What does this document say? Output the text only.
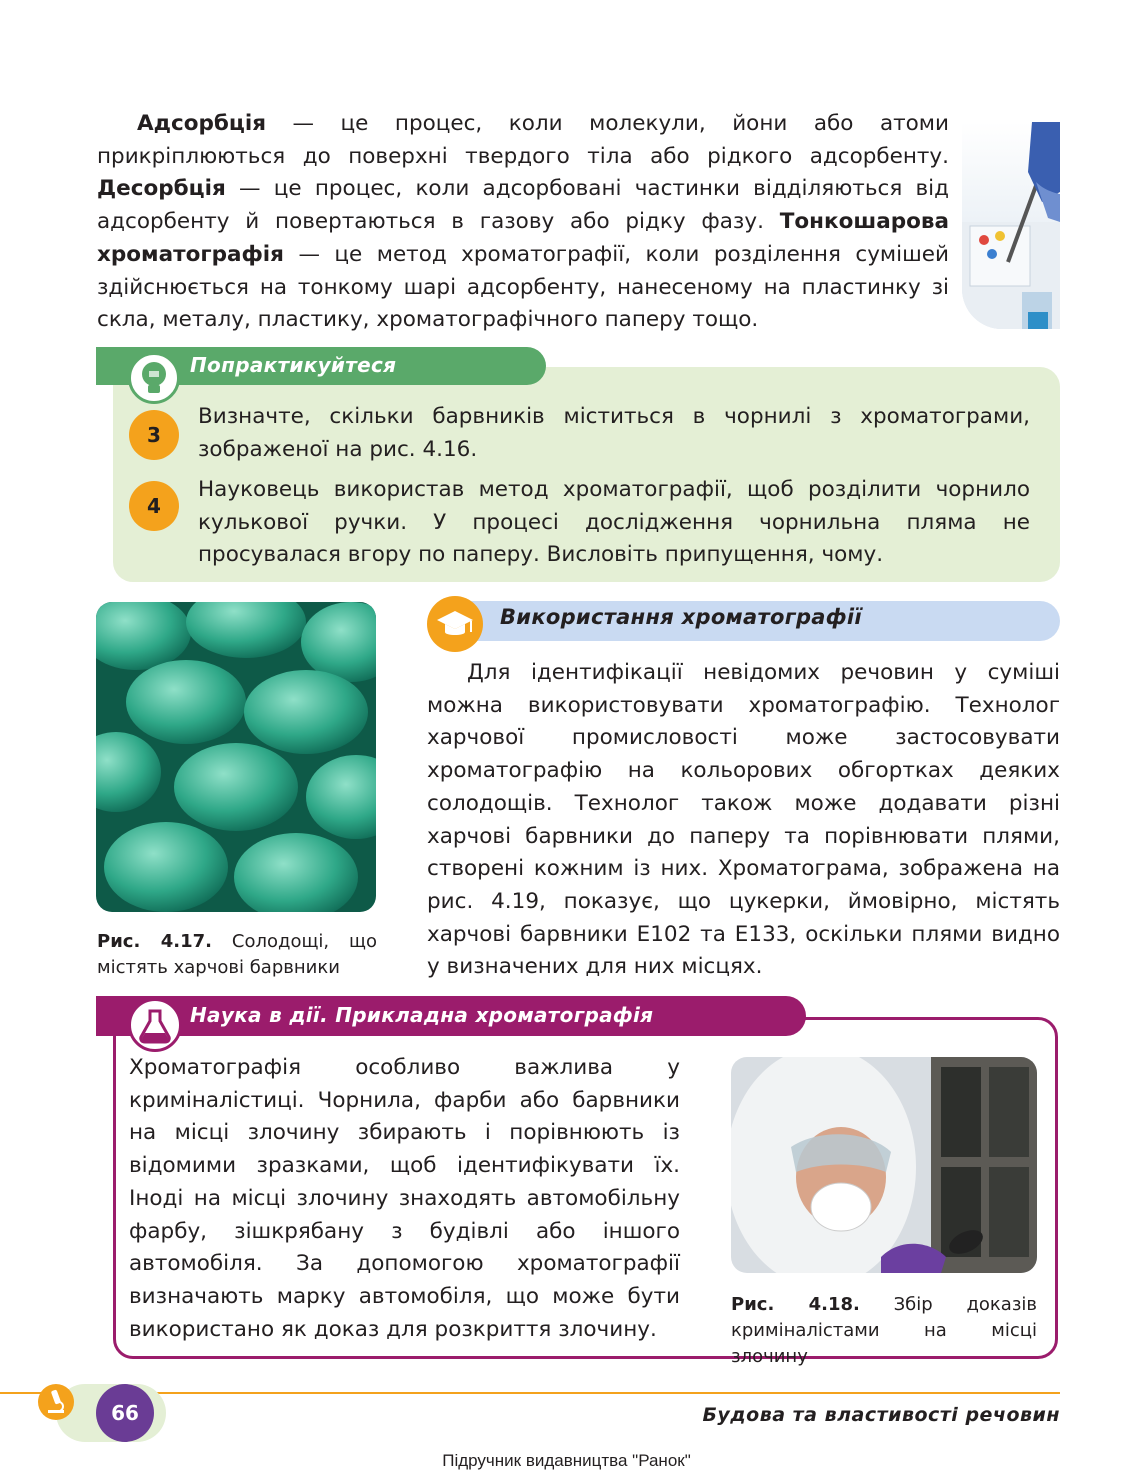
Адсорбція — це процес, коли молекули, йони або атоми прикріплюються до поверхні твердого тіла або рідкого адсорбенту. Десорбція — це процес, коли адсорбовані частинки відділяються від адсорбенту й повертаються в газову або рідку фазу. Тонкошарова хроматографія — це метод хроматографії, коли розділення сумішей здійснюється на тонкому шарі адсорбенту, нанесеному на пластинку зі скла, металу, пластику, хроматографічного паперу тощо.
Попрактикуйтеся
3
Визначте, скільки барвників міститься в чорнилі з хроматограми, зображеної на рис. 4.16.
4
Науковець використав метод хроматографії, щоб розділити чорнило кулькової ручки. У процесі дослідження чорнильна пляма не просувалася вгору по паперу. Висловіть припущення, чому.
Рис. 4.17. Солодощі, що містять харчові барвники
Використання хроматографії
Для ідентифікації невідомих речовин у суміші можна використовувати хроматографію. Технолог харчової промисловості може застосовувати хроматографію на кольорових обгортках деяких солодощів. Технолог також може додавати різні харчові барвники до паперу та порівнювати плями, створені кожним із них. Хроматограма, зображена на рис. 4.19, показує, що цукерки, ймовірно, містять харчові барвники E102 та E133, оскільки плями видно у визначених для них місцях.
Наука в дії. Прикладна хроматографія
Хроматографія особливо важлива у криміналістиці. Чорнила, фарби або барвники на місці злочину збирають і порівнюють із відомими зразками, щоб ідентифікувати їх. Іноді на місці злочину знаходять автомобільну фарбу, зішкрябану з будівлі або іншого автомобіля. За допомогою хроматографії визначають марку автомобіля, що може бути використано як доказ для розкриття злочину.
Рис. 4.18. Збір доказів криміналістами на місці злочину
66	Будова та властивості речовин
Підручник видавництва "Ранок"
